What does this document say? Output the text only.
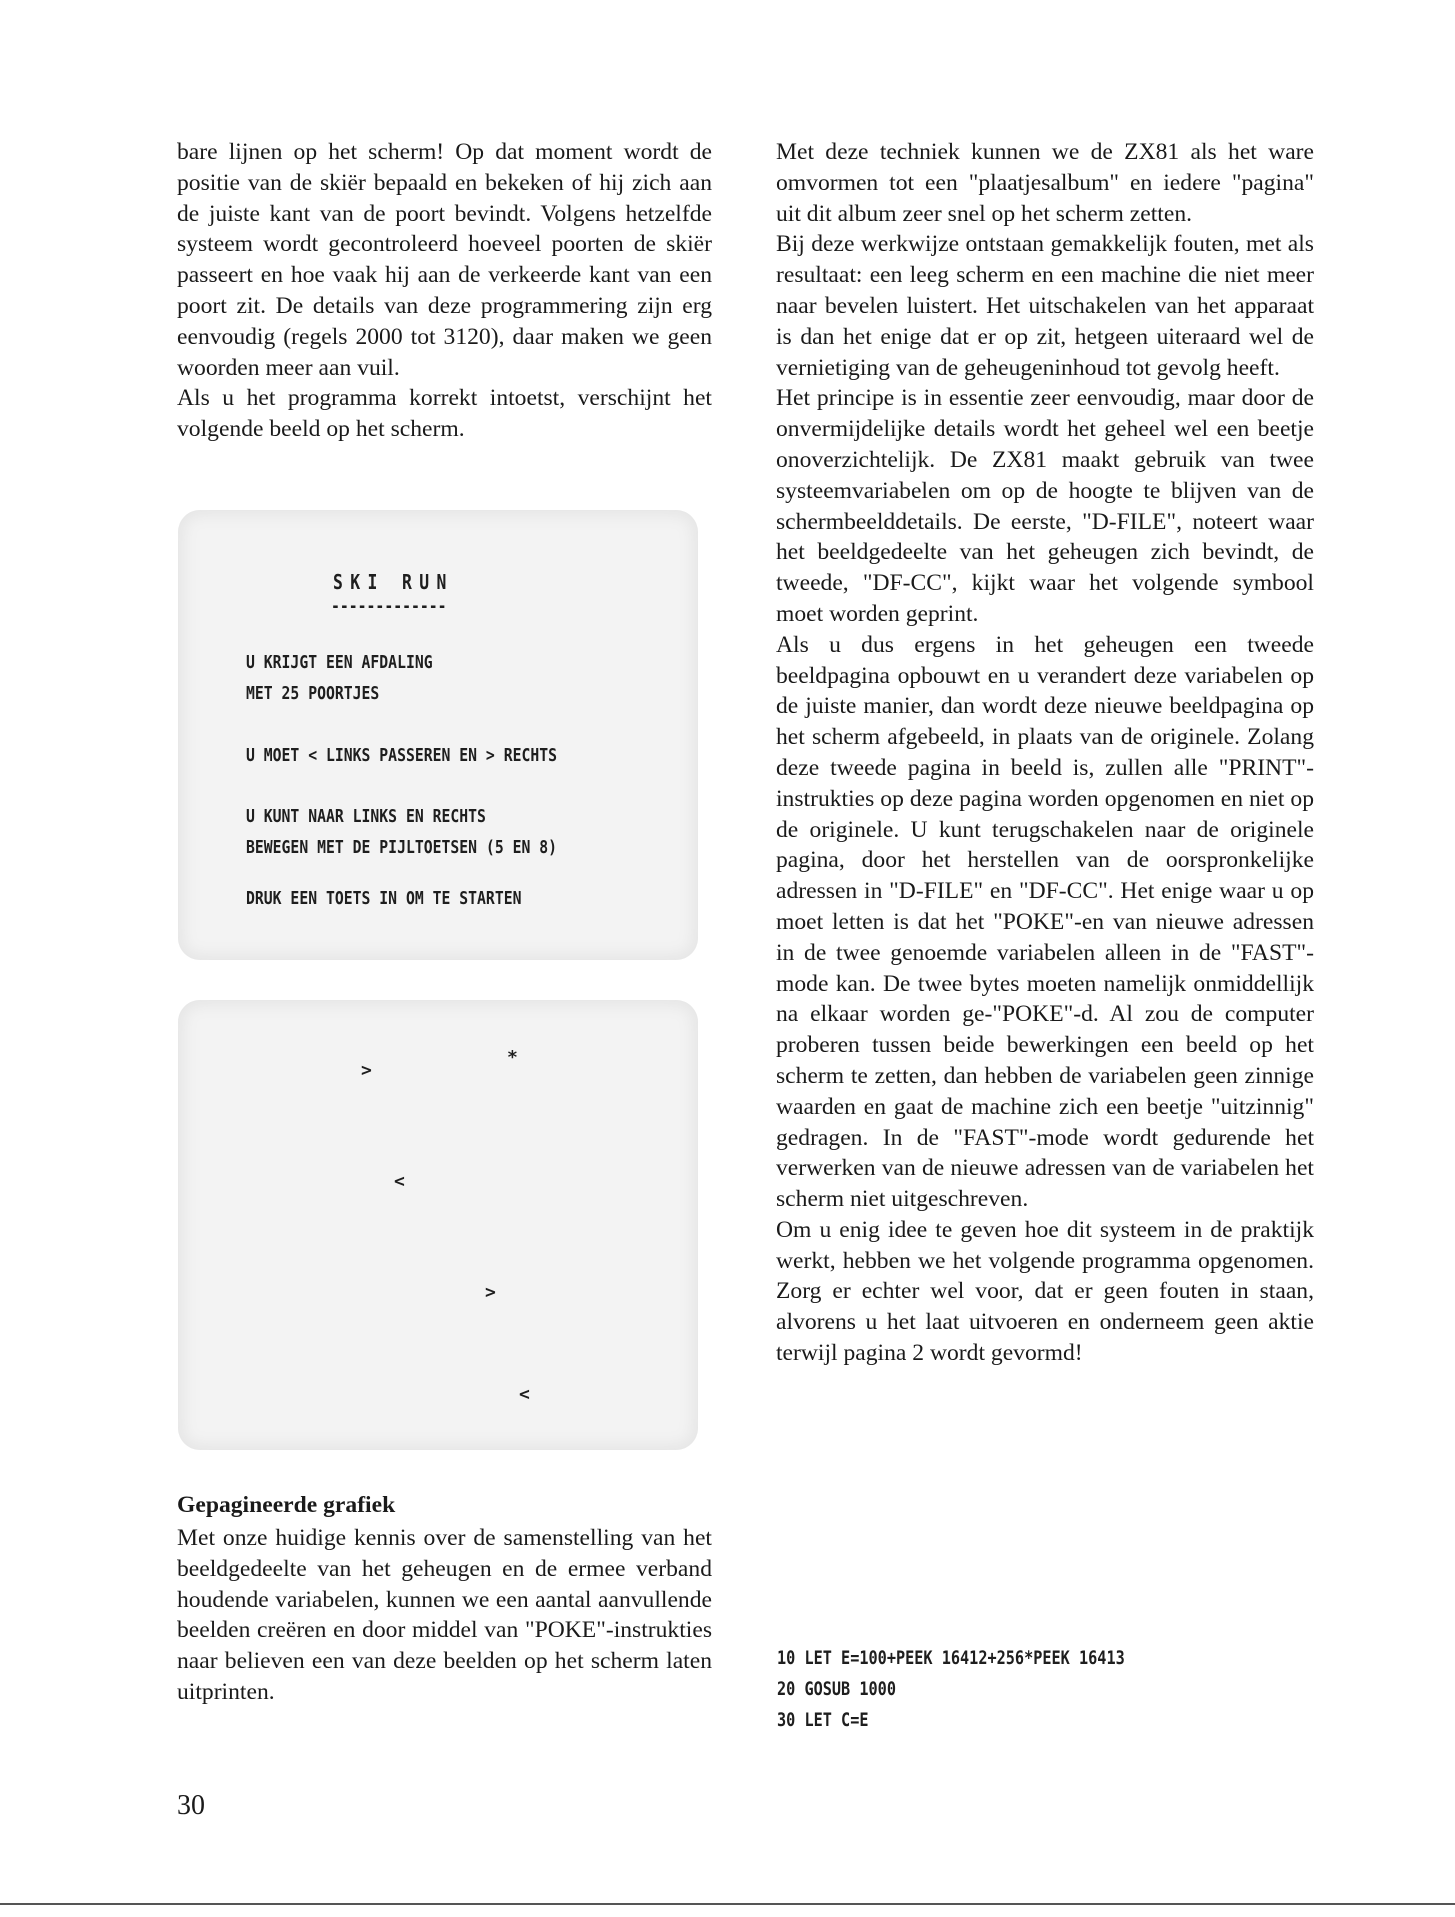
bare lijnen op het scherm! Op dat moment wordt de positie van de skiër bepaald en bekeken of hij zich aan de juiste kant van de poort bevindt. Volgens hetzelfde systeem wordt gecontroleerd hoeveel poorten de skiër passeert en hoe vaak hij aan de verkeerde kant van een poort zit. De details van deze programmering zijn erg eenvoudig (regels 2000 tot 3120), daar maken we geen woorden meer aan vuil.

Als u het programma korrekt intoetst, verschijnt het volgende beeld op het scherm.

SKI RUN
-------------
U KRIJGT EEN AFDALING
MET 25 POORTJES
U MOET < LINKS PASSEREN EN > RECHTS
U KUNT NAAR LINKS EN RECHTS
BEWEGEN MET DE PIJLTOETSEN (5 EN 8)
DRUK EEN TOETS IN OM TE STARTEN
>
*
<
>
<
Gepagineerde grafiek

Met onze huidige kennis over de samenstelling van het beeldgedeelte van het geheugen en de ermee verband houdende variabelen, kunnen we een aantal aanvullende beelden creëren en door middel van "POKE"-instrukties naar believen een van deze beelden op het scherm laten uitprinten.

Met deze techniek kunnen we de ZX81 als het ware omvormen tot een "plaatjesalbum" en iedere "pagina" uit dit album zeer snel op het scherm zetten.

Bij deze werkwijze ontstaan gemakkelijk fouten, met als resultaat: een leeg scherm en een machine die niet meer naar bevelen luistert. Het uitschakelen van het apparaat is dan het enige dat er op zit, hetgeen uiteraard wel de vernietiging van de geheugeninhoud tot gevolg heeft.

Het principe is in essentie zeer eenvoudig, maar door de onvermijdelijke details wordt het geheel wel een beetje onoverzichtelijk. De ZX81 maakt gebruik van twee systeemvariabelen om op de hoogte te blijven van de schermbeelddetails. De eerste, "D-FILE", noteert waar het beeldgedeelte van het geheugen zich bevindt, de tweede, "DF-CC", kijkt waar het volgende symbool moet worden geprint.

Als u dus ergens in het geheugen een tweede beeldpagina opbouwt en u verandert deze variabelen op de juiste manier, dan wordt deze nieuwe beeldpagina op het scherm afgebeeld, in plaats van de originele. Zolang deze tweede pagina in beeld is, zullen alle "PRINT"-instrukties op deze pagina worden opgenomen en niet op de originele. U kunt terugschakelen naar de originele pagina, door het herstellen van de oorspronkelijke adressen in "D-FILE" en "DF-CC". Het enige waar u op moet letten is dat het "POKE"-en van nieuwe adressen in de twee genoemde variabelen alleen in de "FAST"-mode kan. De twee bytes moeten namelijk onmiddellijk na elkaar worden ge-"POKE"-d. Al zou de computer proberen tussen beide bewerkingen een beeld op het scherm te zetten, dan hebben de variabelen geen zinnige waarden en gaat de machine zich een beetje "uitzinnig" gedragen. In de "FAST"-mode wordt gedurende het verwerken van de nieuwe adressen van de variabelen het scherm niet uitgeschreven.

Om u enig idee te geven hoe dit systeem in de praktijk werkt, hebben we het volgende programma opgenomen. Zorg er echter wel voor, dat er geen fouten in staan, alvorens u het laat uitvoeren en onderneem geen aktie terwijl pagina 2 wordt gevormd!

10 LET E=100+PEEK 16412+256*PEEK 16413
20 GOSUB 1000
30 LET C=E
30
